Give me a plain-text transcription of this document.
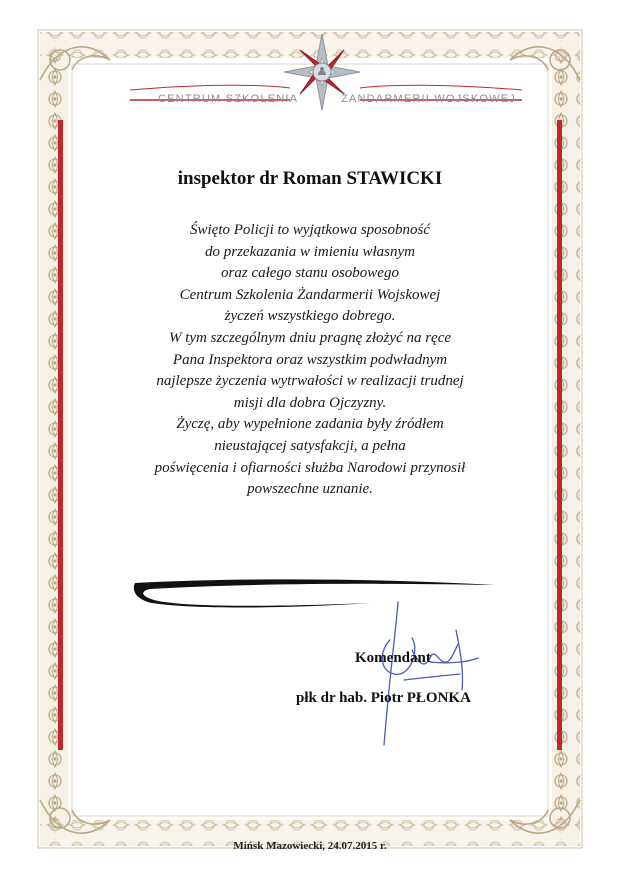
CENTRUM SZKOLENIA	ŻANDARMERII WOJSKOWEJ
inspektor dr Roman STAWICKI
Święto Policji to wyjątkowa sposobność
do przekazania w imieniu własnym
oraz całego stanu osobowego
Centrum Szkolenia Żandarmerii Wojskowej
życzeń wszystkiego dobrego.
W tym szczególnym dniu pragnę złożyć na ręce
Pana Inspektora oraz wszystkim podwładnym
najlepsze życzenia wytrwałości w realizacji trudnej
misji dla dobra Ojczyzny.
Życzę, aby wypełnione zadania były źródłem
nieustającej satysfakcji, a pełna
poświęcenia i ofiarności służba Narodowi przynosił
powszechne uznanie.
Komendant
płk dr hab. Piotr PŁONKA
Mińsk Mazowiecki, 24.07.2015 r.
